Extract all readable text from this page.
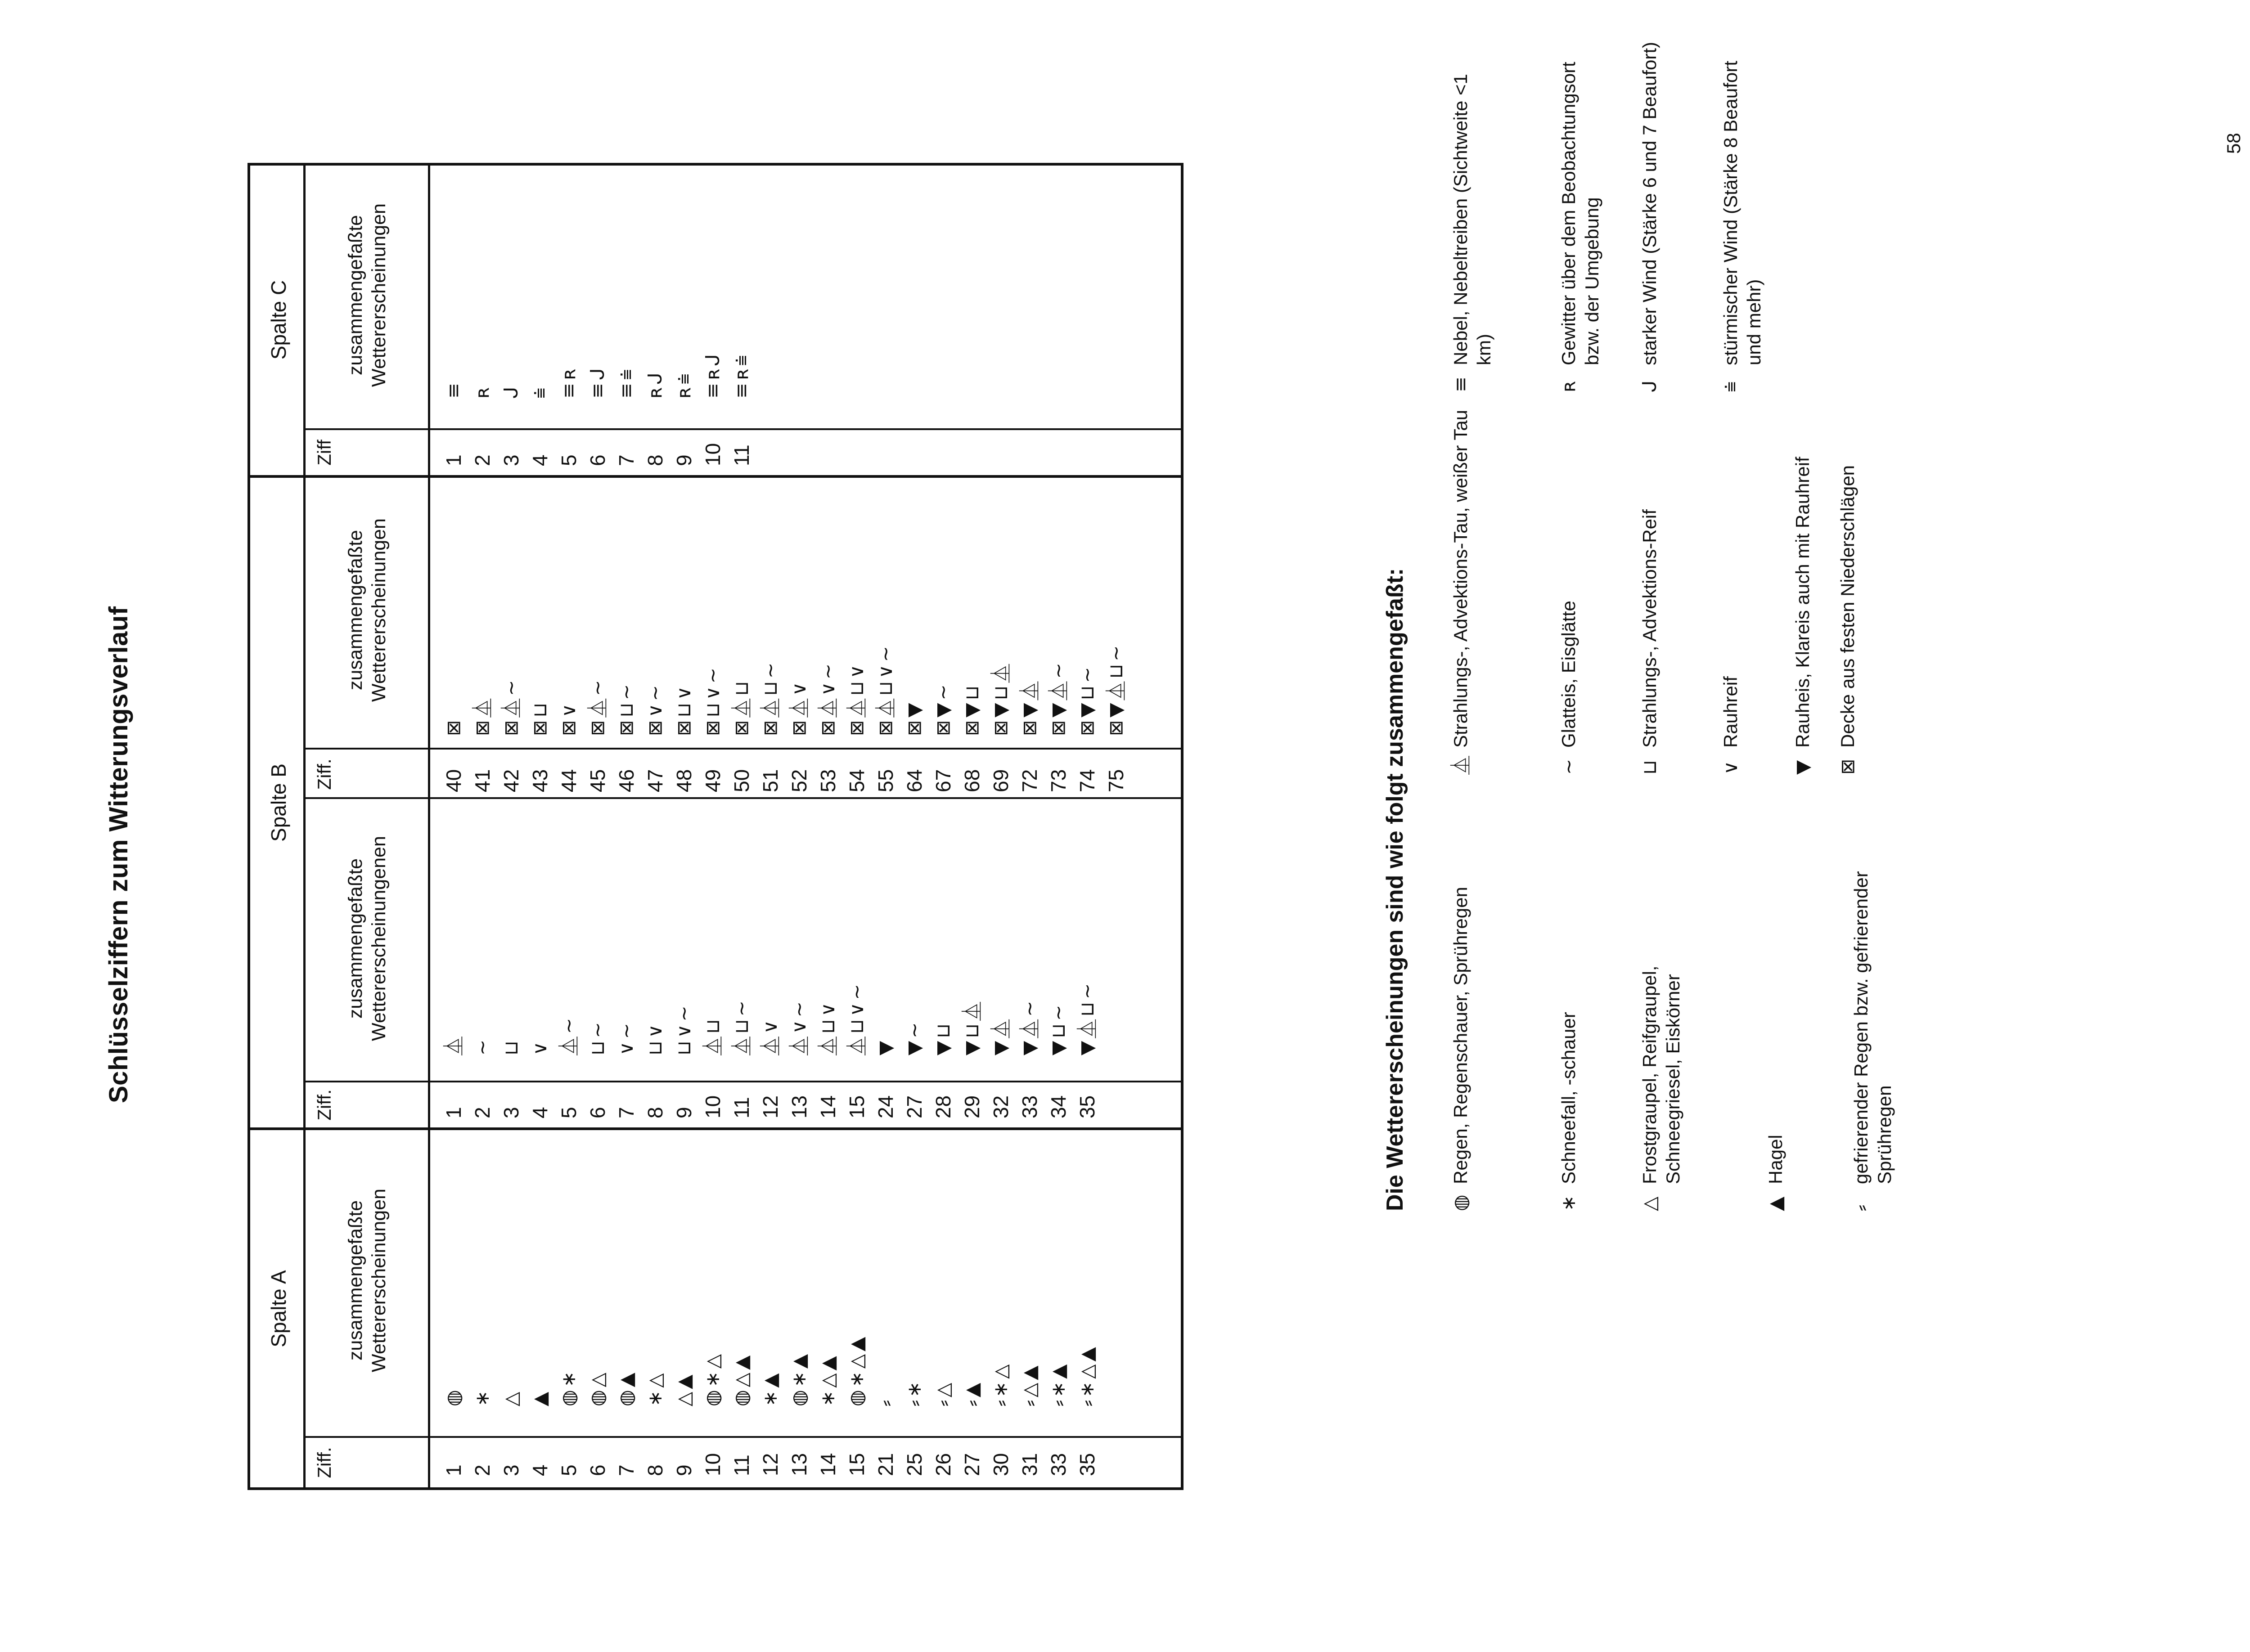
Schlüsselziffern zum Witterungsverlauf
Spalte A
Ziff.
zusammengefaßte Wettererscheinungen
1 2 3 4 5 6 7 8 9 10 11 12 13 14 15 21 25 26 27 30 31 33 35
◍ ∗ △ ▲ ◍∗ ◍△ ◍▲ ∗△ △▲ ◍∗△ ◍△▲ ∗▲ ◍∗▲ ∗△▲ ◍∗△▲ ⸗ ⸗∗ ⸗△ ⸗▲ ⸗∗△ ⸗△▲ ⸗∗▲ ⸗∗△▲
Spalte B
Ziff.
zusammengefaßte Wettererscheinungenen
Ziff.
zusammengefaßte Wettererscheinungen
1 2 3 4 5 6 7 8 9 10 11 12 13 14 15 24 27 28 29 32 33 34 35
⏅ ∼ ⊔ ∨ ⏅∼ ⊔∼ ∨∼ ⊔∨ ⊔∨∼ ⏅⊔ ⏅⊔∼ ⏅∨ ⏅∨∼ ⏅⊔∨ ⏅⊔∨∼ ▼ ▼∼ ▼⊔ ▼⊔⏅ ▼⏅ ▼⏅∼ ▼⊔∼ ▼⏅⊔∼
40 41 42 43 44 45 46 47 48 49 50 51 52 53 54 55 64 67 68 69 72 73 74 75
⊠ ⊠⏅ ⊠⏅∼ ⊠⊔ ⊠∨ ⊠⏅∼ ⊠⊔∼ ⊠∨∼ ⊠⊔∨ ⊠⊔∨∼ ⊠⏅⊔ ⊠⏅⊔∼ ⊠⏅∨ ⊠⏅∨∼ ⊠⏅⊔∨ ⊠⏅⊔∨∼ ⊠▼ ⊠▼∼ ⊠▼⊔ ⊠▼⊔⏅ ⊠▼⏅ ⊠▼⏅∼ ⊠▼⊔∼ ⊠▼⏅⊔∼
Spalte C
Ziff
zusammengefaßte Wettererscheinungen
1 2 3 4 5 6 7 8 9 10 11
≡ ʀ ᒍ ⩧ ≡ʀ ≡ᒍ ≡⩧ ʀᒍ ʀ⩧ ≡ʀᒍ ≡ʀ⩧
Die Wettererscheinungen sind wie folgt zusammengefaßt: ◍Regen, Regenschauer, Sprühregen
∗Schneefall, -schauer
△Frostgraupel, Reifgraupel, Schneegriesel, Eiskörner
▲Hagel
⸗gefrierender Regen bzw. gefrierender Sprühregen
⏅Strahlungs-, Advektions-Tau, weißer Tau
∼Glatteis, Eisglätte
⊔Strahlungs-, Advektions-Reif
∨Rauhreif
▼Rauheis, Klareis auch mit Rauhreif
⊠Decke aus festen Niederschlägen
≡Nebel, Nebeltreiben (Sichtweite <1 km)
ʀGewitter über dem Beobachtungsort bzw. der Umgebung
ᒍstarker Wind (Stärke 6 und 7 Beaufort)
⩧stürmischer Wind (Stärke 8 Beaufort und mehr)
58
